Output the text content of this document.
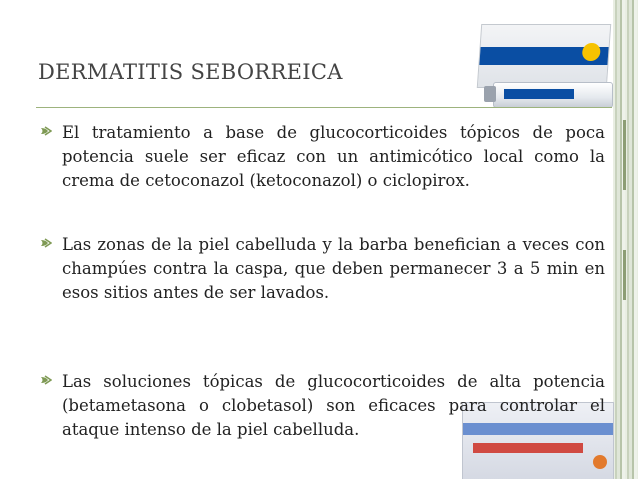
DERMATITIS SEBORREICA
El tratamiento a base de glucocorticoides tópicos de poca potencia suele ser eficaz con un antimicótico local como la crema de cetoconazol (ketoconazol) o ciclopirox.
Las zonas de la piel cabelluda y la barba benefician a veces con champúes contra la caspa, que deben permanecer 3 a 5 min en esos sitios antes de ser lavados.
Las soluciones tópicas de glucocorticoides de alta potencia (betametasona o clobetasol) son eficaces para controlar el ataque intenso de la piel cabelluda.
